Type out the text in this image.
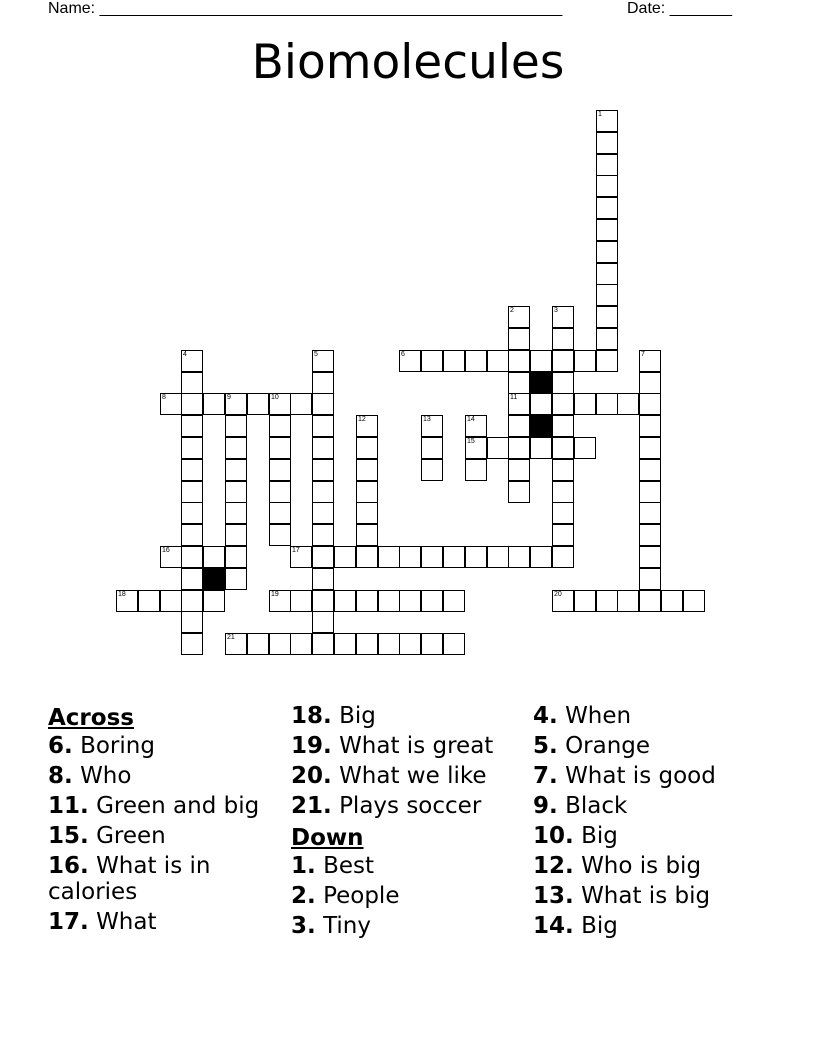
Name: ____________________________________________________	Date: _______
Biomolecules
1
2
11
3
4	5	7
9	10
12	13	14
15
6
8
16	17
18	19	20
21
Across
6. Boring
8. Who
11. Green and big
15. Green
16. What is in calories
17. What
18. Big
19. What is great
20. What we like
21. Plays soccer
Down
1. Best
2. People
3. Tiny
4. When
5. Orange
7. What is good
9. Black
10. Big
12. Who is big
13. What is big
14. Big
